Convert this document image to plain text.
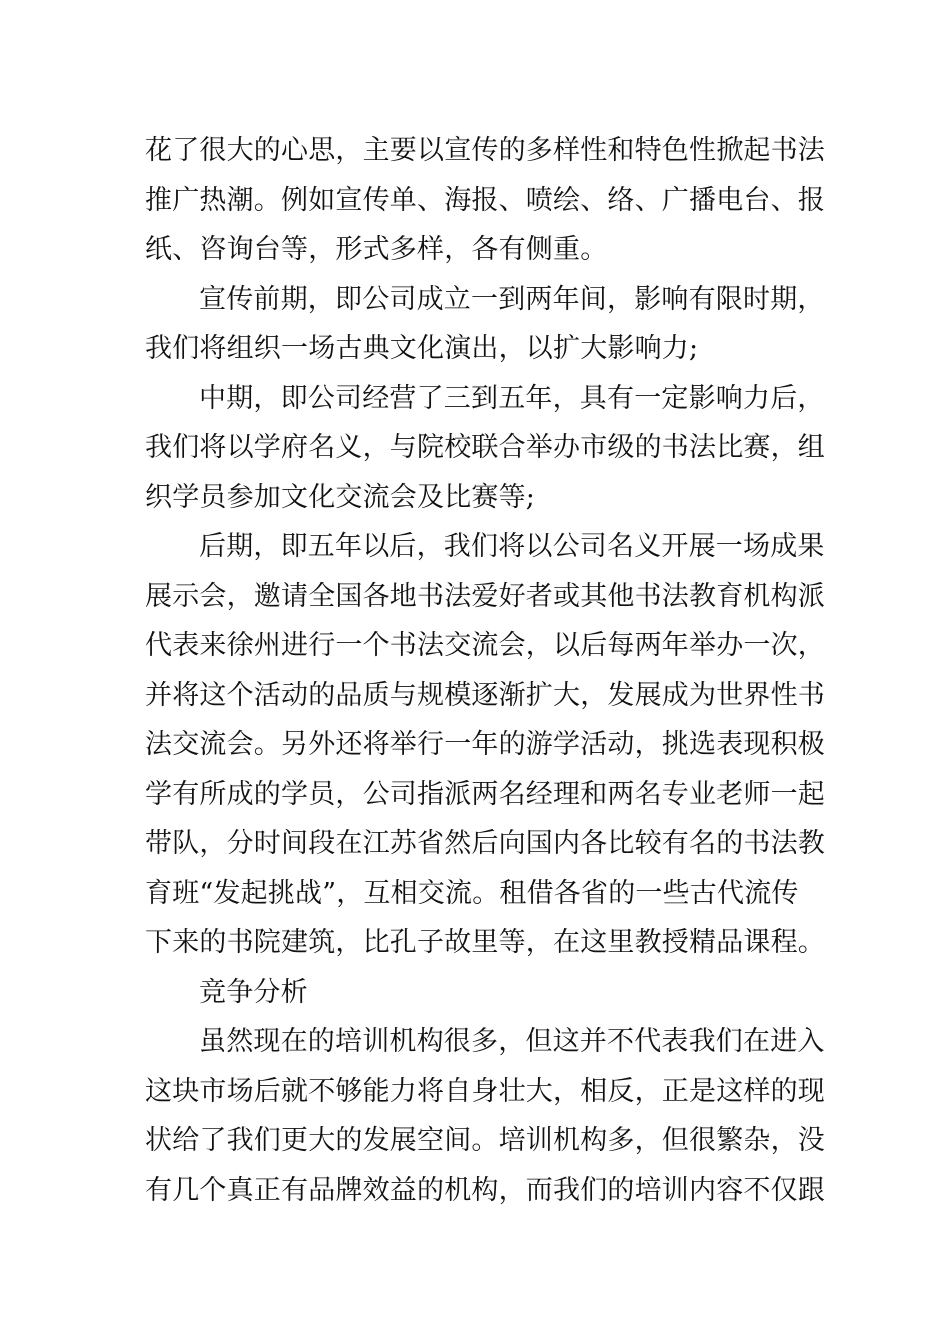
花了很大的心思，主要以宣传的多样性和特色性掀起书法
推广热潮。例如宣传单、海报、喷绘、络、广播电台、报
纸、咨询台等，形式多样，各有侧重。

宣传前期，即公司成立一到两年间，影响有限时期，
我们将组织一场古典文化演出，以扩大影响力;

中期，即公司经营了三到五年，具有一定影响力后，
我们将以学府名义，与院校联合举办市级的书法比赛，组
织学员参加文化交流会及比赛等;

后期，即五年以后，我们将以公司名义开展一场成果
展示会，邀请全国各地书法爱好者或其他书法教育机构派
代表来徐州进行一个书法交流会，以后每两年举办一次，
并将这个活动的品质与规模逐渐扩大，发展成为世界性书
法交流会。另外还将举行一年的游学活动，挑选表现积极
学有所成的学员，公司指派两名经理和两名专业老师一起
带队，分时间段在江苏省然后向国内各比较有名的书法教
育班“发起挑战”，互相交流。租借各省的一些古代流传
下来的书院建筑，比孔子故里等，在这里教授精品课程。

竞争分析

虽然现在的培训机构很多，但这并不代表我们在进入
这块市场后就不够能力将自身壮大，相反，正是这样的现
状给了我们更大的发展空间。培训机构多，但很繁杂，没
有几个真正有品牌效益的机构，而我们的培训内容不仅跟
